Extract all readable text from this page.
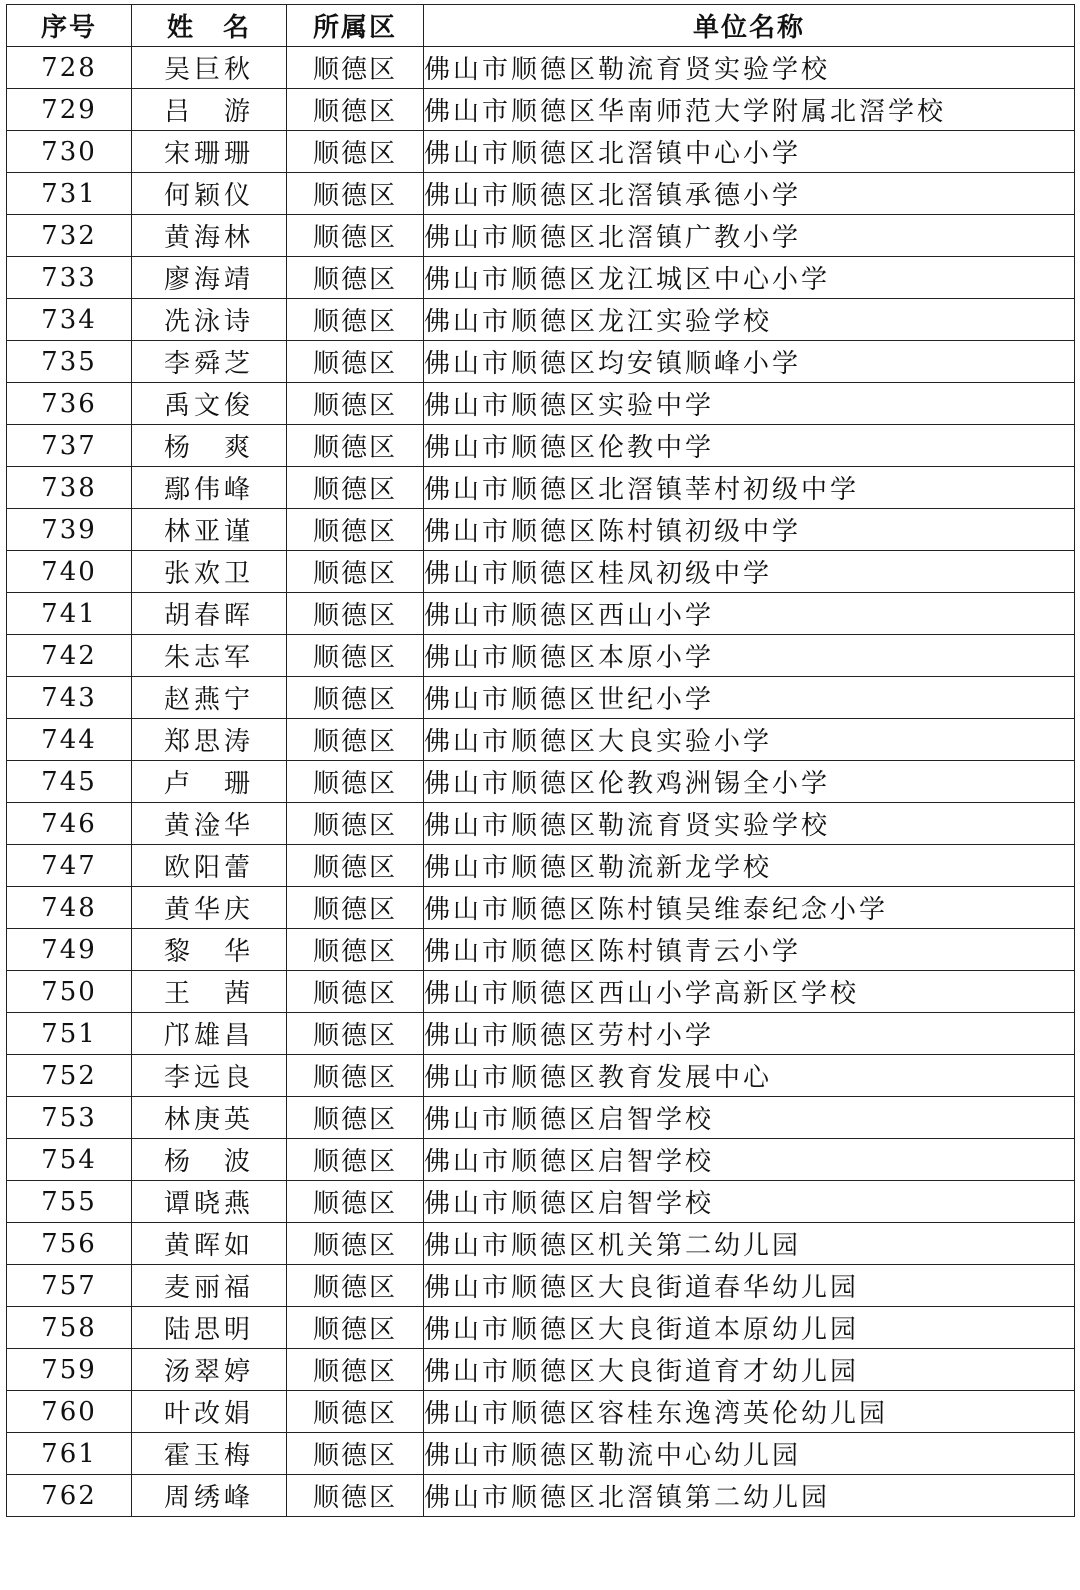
序号	姓　名	所属区	单位名称
728	吴巨秋	顺德区	佛山市顺德区勒流育贤实验学校
729	吕　游	顺德区	佛山市顺德区华南师范大学附属北滘学校
730	宋珊珊	顺德区	佛山市顺德区北滘镇中心小学
731	何颖仪	顺德区	佛山市顺德区北滘镇承德小学
732	黄海林	顺德区	佛山市顺德区北滘镇广教小学
733	廖海靖	顺德区	佛山市顺德区龙江城区中心小学
734	冼泳诗	顺德区	佛山市顺德区龙江实验学校
735	李舜芝	顺德区	佛山市顺德区均安镇顺峰小学
736	禹文俊	顺德区	佛山市顺德区实验中学
737	杨　爽	顺德区	佛山市顺德区伦教中学
738	鄢伟峰	顺德区	佛山市顺德区北滘镇莘村初级中学
739	林亚谨	顺德区	佛山市顺德区陈村镇初级中学
740	张欢卫	顺德区	佛山市顺德区桂凤初级中学
741	胡春晖	顺德区	佛山市顺德区西山小学
742	朱志军	顺德区	佛山市顺德区本原小学
743	赵燕宁	顺德区	佛山市顺德区世纪小学
744	郑思涛	顺德区	佛山市顺德区大良实验小学
745	卢　珊	顺德区	佛山市顺德区伦教鸡洲锡全小学
746	黄淦华	顺德区	佛山市顺德区勒流育贤实验学校
747	欧阳蕾	顺德区	佛山市顺德区勒流新龙学校
748	黄华庆	顺德区	佛山市顺德区陈村镇吴维泰纪念小学
749	黎　华	顺德区	佛山市顺德区陈村镇青云小学
750	王　茜	顺德区	佛山市顺德区西山小学高新区学校
751	邝雄昌	顺德区	佛山市顺德区劳村小学
752	李远良	顺德区	佛山市顺德区教育发展中心
753	林庚英	顺德区	佛山市顺德区启智学校
754	杨　波	顺德区	佛山市顺德区启智学校
755	谭晓燕	顺德区	佛山市顺德区启智学校
756	黄晖如	顺德区	佛山市顺德区机关第二幼儿园
757	麦丽福	顺德区	佛山市顺德区大良街道春华幼儿园
758	陆思明	顺德区	佛山市顺德区大良街道本原幼儿园
759	汤翠婷	顺德区	佛山市顺德区大良街道育才幼儿园
760	叶改娟	顺德区	佛山市顺德区容桂东逸湾英伦幼儿园
761	霍玉梅	顺德区	佛山市顺德区勒流中心幼儿园
762	周绣峰	顺德区	佛山市顺德区北滘镇第二幼儿园
